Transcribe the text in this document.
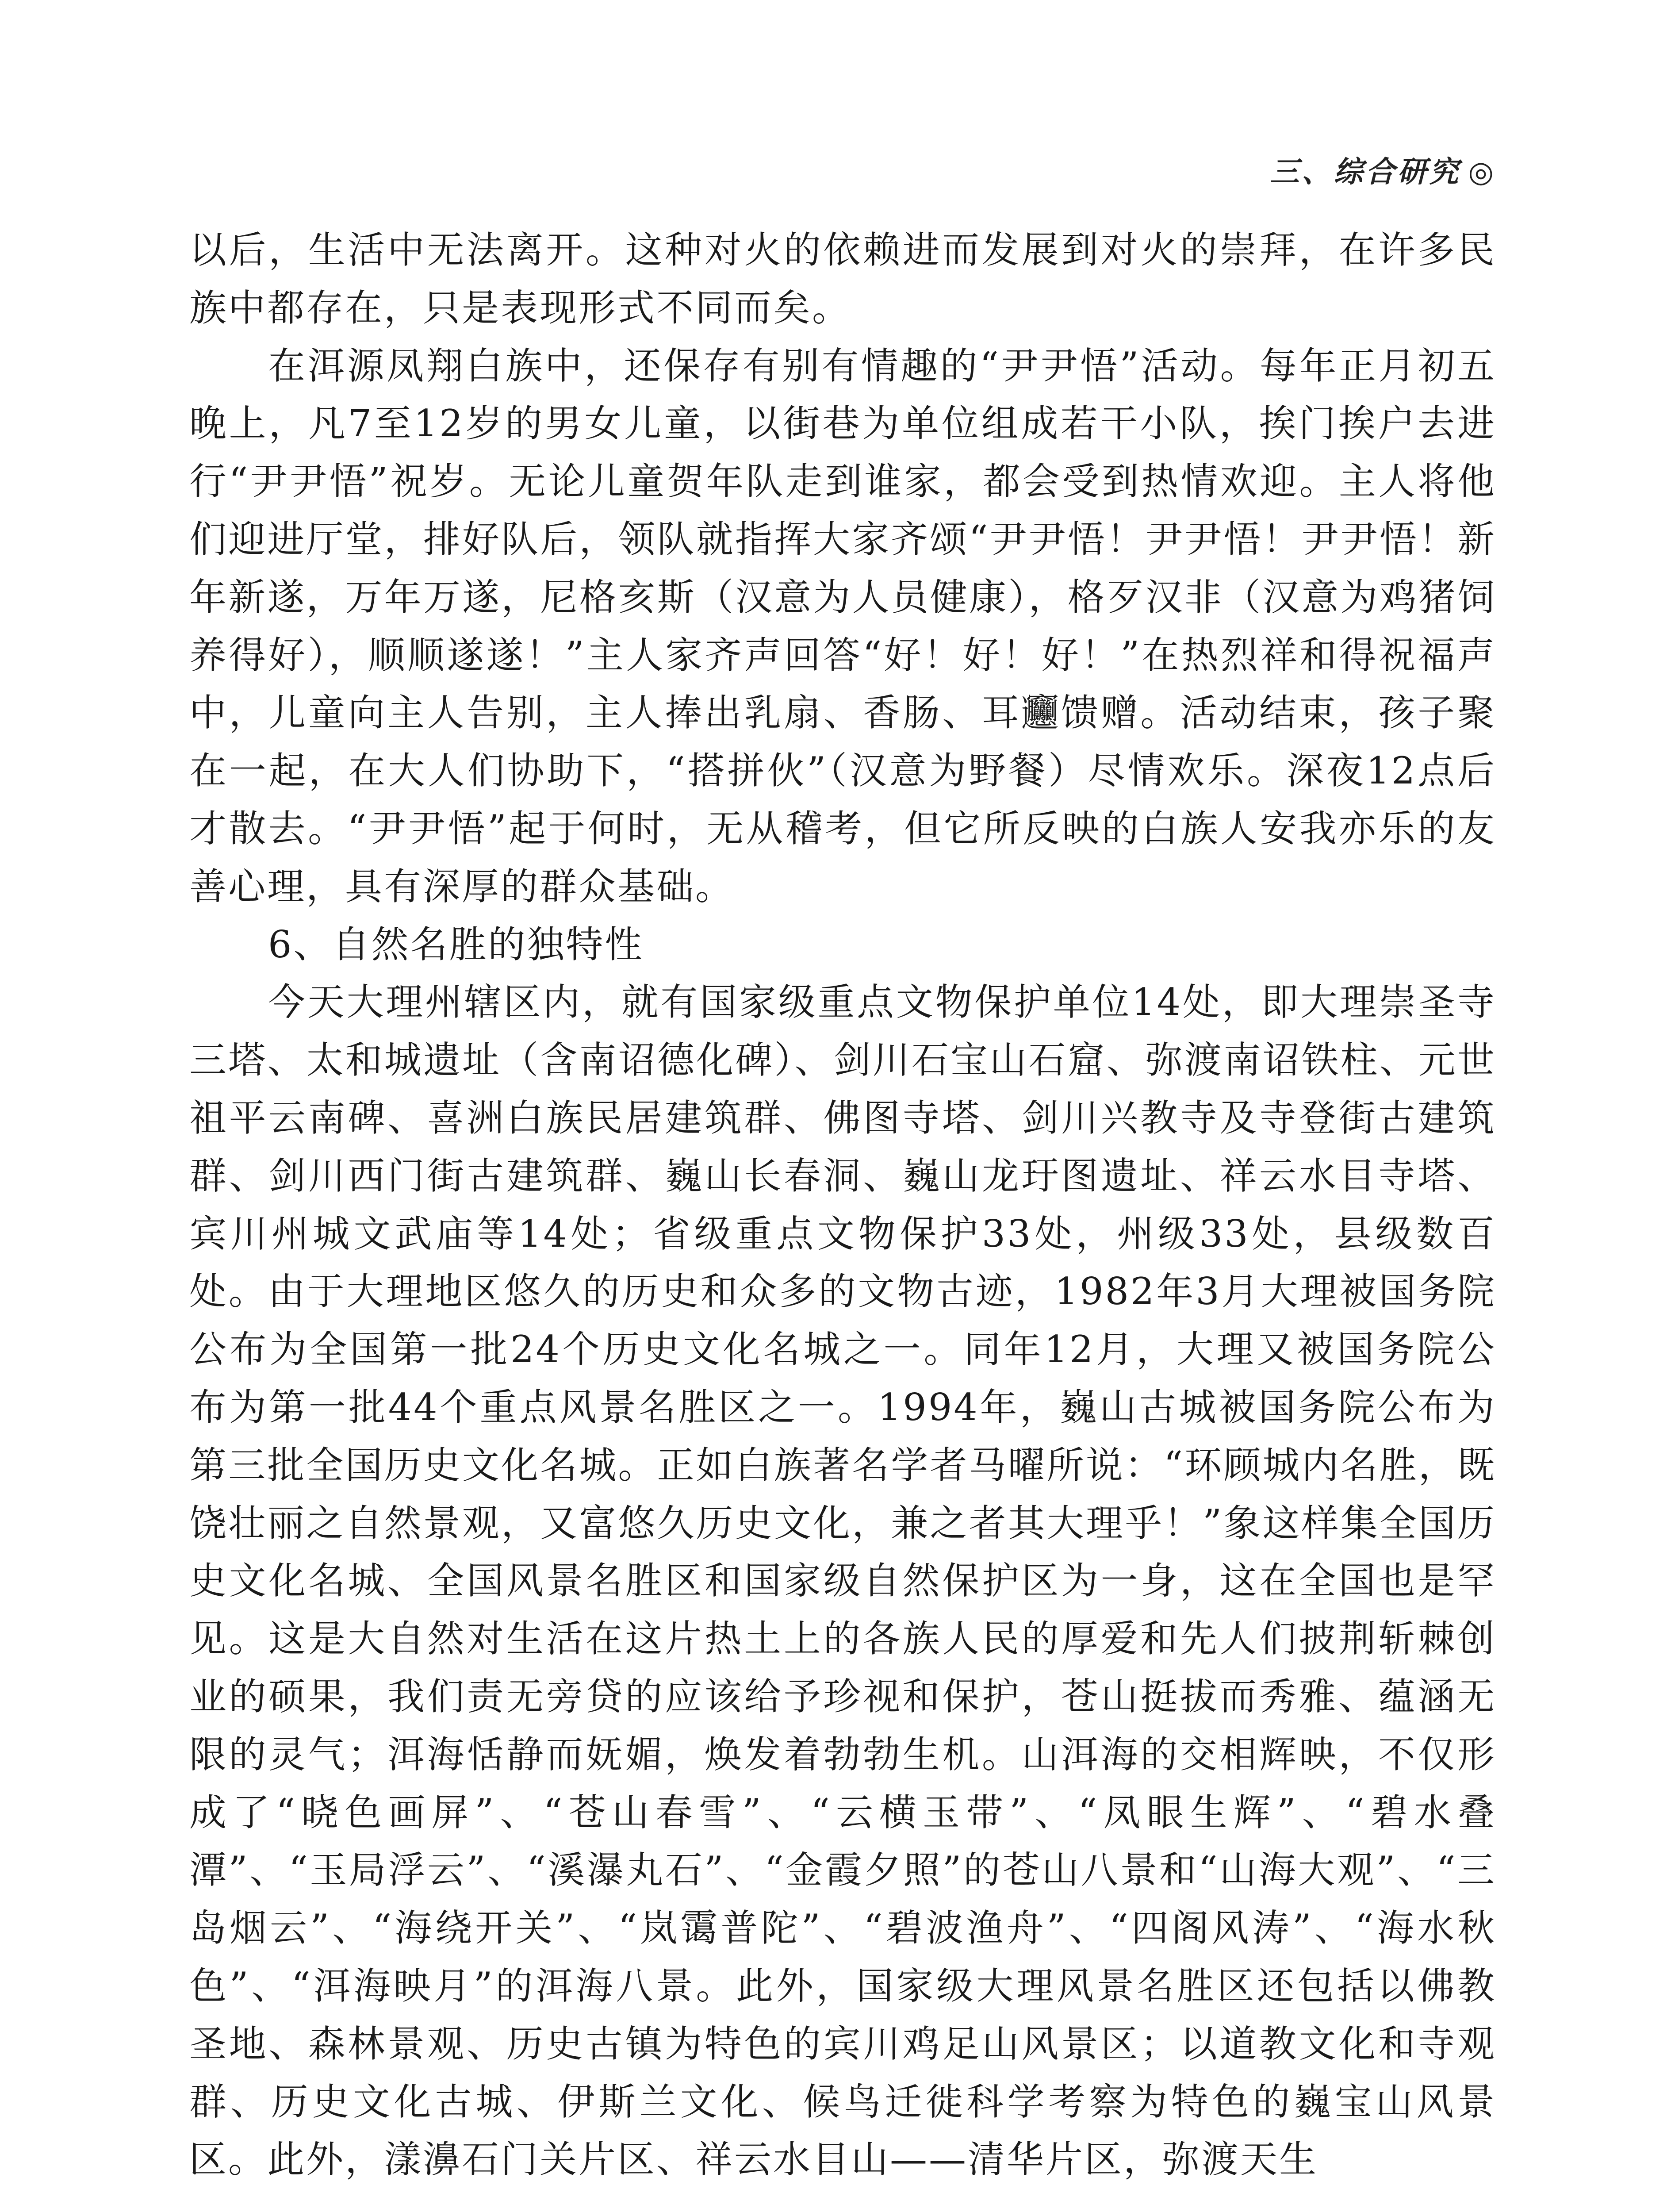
三、综合研究 ◎

以后，生活中无法离开。这种对火的依赖进而发展到对火的崇拜，在许多民族中都存在，只是表现形式不同而矣。

在洱源凤翔白族中，还保存有别有情趣的“尹尹悟”活动。每年正月初五晚上，凡7至12岁的男女儿童，以街巷为单位组成若干小队，挨门挨户去进行“尹尹悟”祝岁。无论儿童贺年队走到谁家，都会受到热情欢迎。主人将他们迎进厅堂，排好队后，领队就指挥大家齐颂“尹尹悟！尹尹悟！尹尹悟！新年新遂，万年万遂，尼格亥斯（汉意为人员健康），格歹汉非（汉意为鸡猪饲养得好），顺顺遂遂！”主人家齐声回答“好！好！好！”在热烈祥和得祝福声中，儿童向主人告别，主人捧出乳扇、香肠、耳𰻞馈赠。活动结束，孩子聚在一起，在大人们协助下，“搭拼伙”（汉意为野餐）尽情欢乐。深夜12点后才散去。“尹尹悟”起于何时，无从稽考，但它所反映的白族人安我亦乐的友善心理，具有深厚的群众基础。

6、自然名胜的独特性

今天大理州辖区内，就有国家级重点文物保护单位14处，即大理崇圣寺三塔、太和城遗址（含南诏德化碑）、剑川石宝山石窟、弥渡南诏铁柱、元世祖平云南碑、喜洲白族民居建筑群、佛图寺塔、剑川兴教寺及寺登街古建筑群、剑川西门街古建筑群、巍山长春洞、巍山龙玗图遗址、祥云水目寺塔、宾川州城文武庙等14处；省级重点文物保护33处，州级33处，县级数百处。由于大理地区悠久的历史和众多的文物古迹，1982年3月大理被国务院公布为全国第一批24个历史文化名城之一。同年12月，大理又被国务院公布为第一批44个重点风景名胜区之一。1994年，巍山古城被国务院公布为第三批全国历史文化名城。正如白族著名学者马曜所说：“环顾城内名胜，既饶壮丽之自然景观，又富悠久历史文化，兼之者其大理乎！”象这样集全国历史文化名城、全国风景名胜区和国家级自然保护区为一身，这在全国也是罕见。这是大自然对生活在这片热土上的各族人民的厚爱和先人们披荆斩棘创业的硕果，我们责无旁贷的应该给予珍视和保护，苍山挺拔而秀雅、蕴涵无限的灵气；洱海恬静而妩媚，焕发着勃勃生机。山洱海的交相辉映，不仅形成了“晓色画屏”、“苍山春雪”、“云横玉带”、“凤眼生辉”、“碧水叠潭”、“玉局浮云”、“溪瀑丸石”、“金霞夕照”的苍山八景和“山海大观”、“三岛烟云”、“海绕开关”、“岚霭普陀”、“碧波渔舟”、“四阁风涛”、“海水秋色”、“洱海映月”的洱海八景。此外，国家级大理风景名胜区还包括以佛教圣地、森林景观、历史古镇为特色的宾川鸡足山风景区；以道教文化和寺观群、历史文化古城、伊斯兰文化、候鸟迁徙科学考察为特色的巍宝山风景区。此外，漾濞石门关片区、祥云水目山——清华片区，弥渡天生
